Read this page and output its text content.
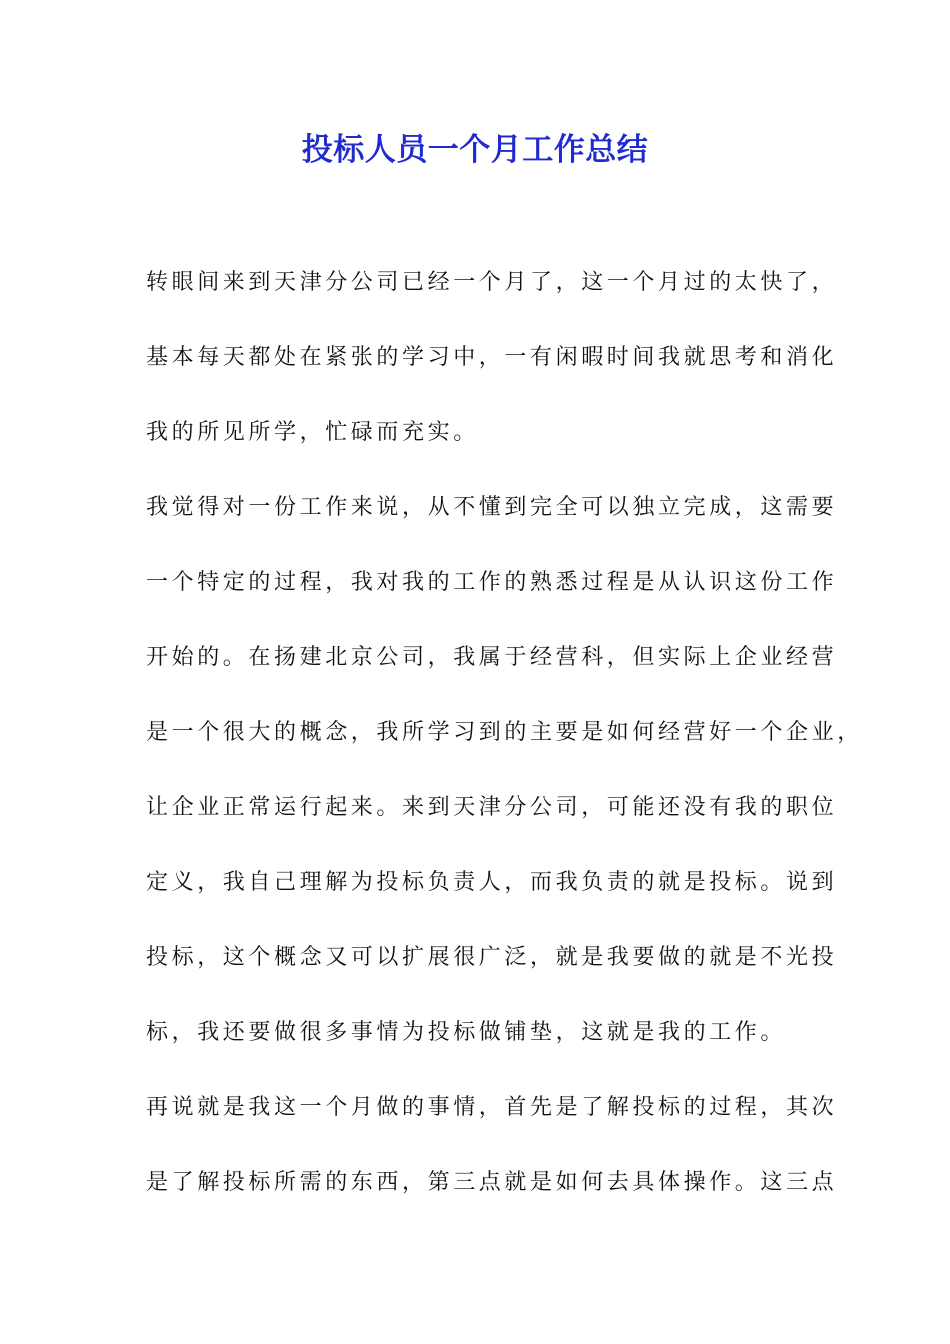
投标人员一个月工作总结
转眼间来到天津分公司已经一个月了，这一个月过的太快了，
基本每天都处在紧张的学习中，一有闲暇时间我就思考和消化
我的所见所学，忙碌而充实。
我觉得对一份工作来说，从不懂到完全可以独立完成，这需要
一个特定的过程，我对我的工作的熟悉过程是从认识这份工作
开始的。在扬建北京公司，我属于经营科，但实际上企业经营
是一个很大的概念，我所学习到的主要是如何经营好一个企业，
让企业正常运行起来。来到天津分公司，可能还没有我的职位
定义，我自己理解为投标负责人，而我负责的就是投标。说到
投标，这个概念又可以扩展很广泛，就是我要做的就是不光投
标，我还要做很多事情为投标做铺垫，这就是我的工作。
再说就是我这一个月做的事情，首先是了解投标的过程，其次
是了解投标所需的东西，第三点就是如何去具体操作。这三点
